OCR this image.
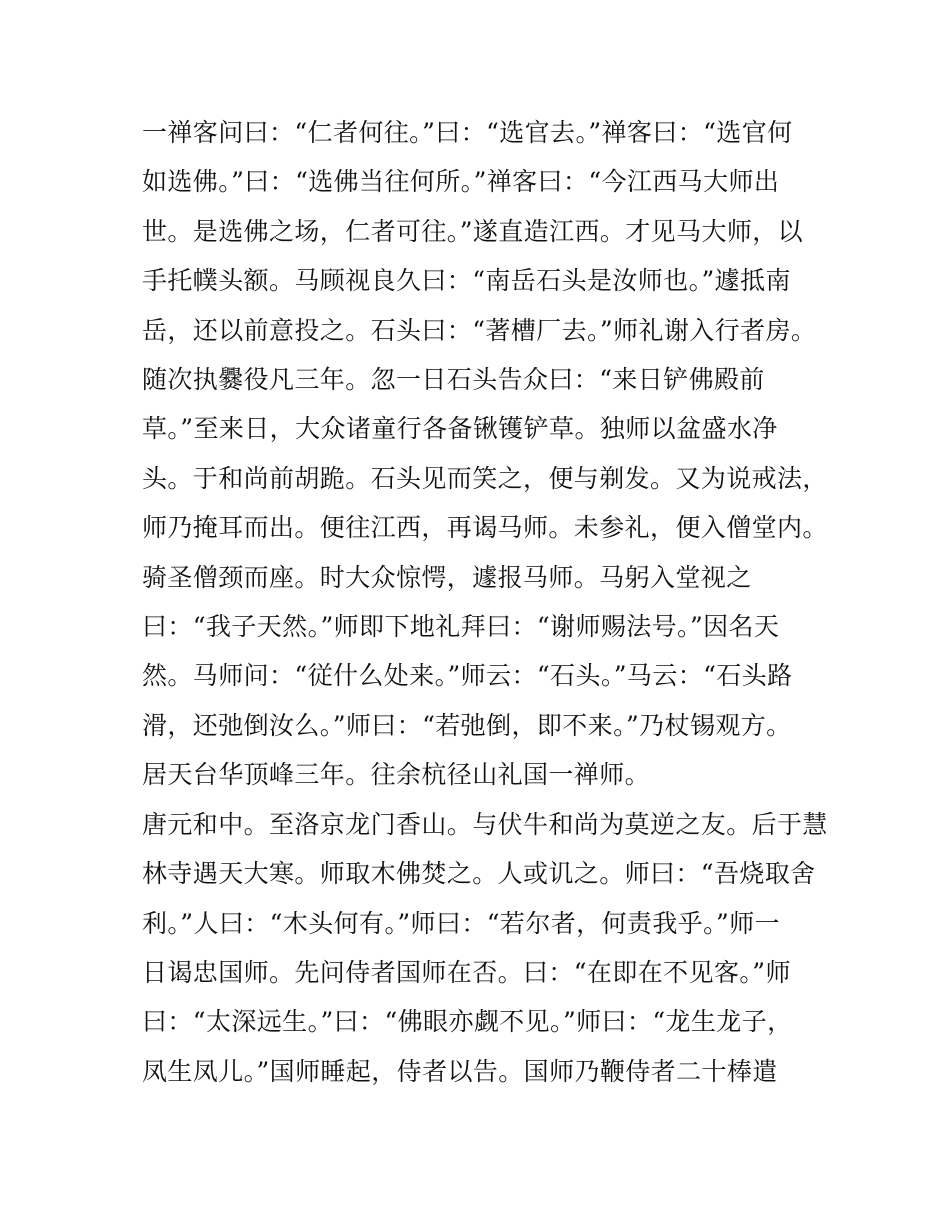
一禅客问曰：“仁者何往。”曰：“选官去。”禅客曰：“选官何
如选佛。”曰：“选佛当往何所。”禅客曰：“今江西马大师出
世。是选佛之场，仁者可往。”遂直造江西。才见马大师，以
手托幞头额。马顾视良久曰：“南岳石头是汝师也。”遽抵南
岳，还以前意投之。石头曰：“著槽厂去。”师礼谢入行者房。
随次执爨役凡三年。忽一日石头告众曰：“来日铲佛殿前
草。”至来日，大众诸童行各备锹镬铲草。独师以盆盛水净
头。于和尚前胡跪。石头见而笑之，便与剃发。又为说戒法，
师乃掩耳而出。便往江西，再谒马师。未参礼，便入僧堂内。
骑圣僧颈而座。时大众惊愕，遽报马师。马躬入堂视之
曰：“我子天然。”师即下地礼拜曰：“谢师赐法号。”因名天
然。马师问：“従什么处来。”师云：“石头。”马云：“石头路
滑，还弛倒汝么。”师曰：“若弛倒，即不来。”乃杖锡观方。
居天台华顶峰三年。往余杭径山礼国一禅师。
唐元和中。至洛京龙门香山。与伏牛和尚为莫逆之友。后于慧
林寺遇天大寒。师取木佛焚之。人或讥之。师曰：“吾烧取舍
利。”人曰：“木头何有。”师曰：“若尔者，何责我乎。”师一
日谒忠国师。先问侍者国师在否。曰：“在即在不见客。”师
曰：“太深远生。”曰：“佛眼亦觑不见。”师曰：“龙生龙子，
凤生凤儿。”国师睡起，侍者以告。国师乃鞭侍者二十棒遣
